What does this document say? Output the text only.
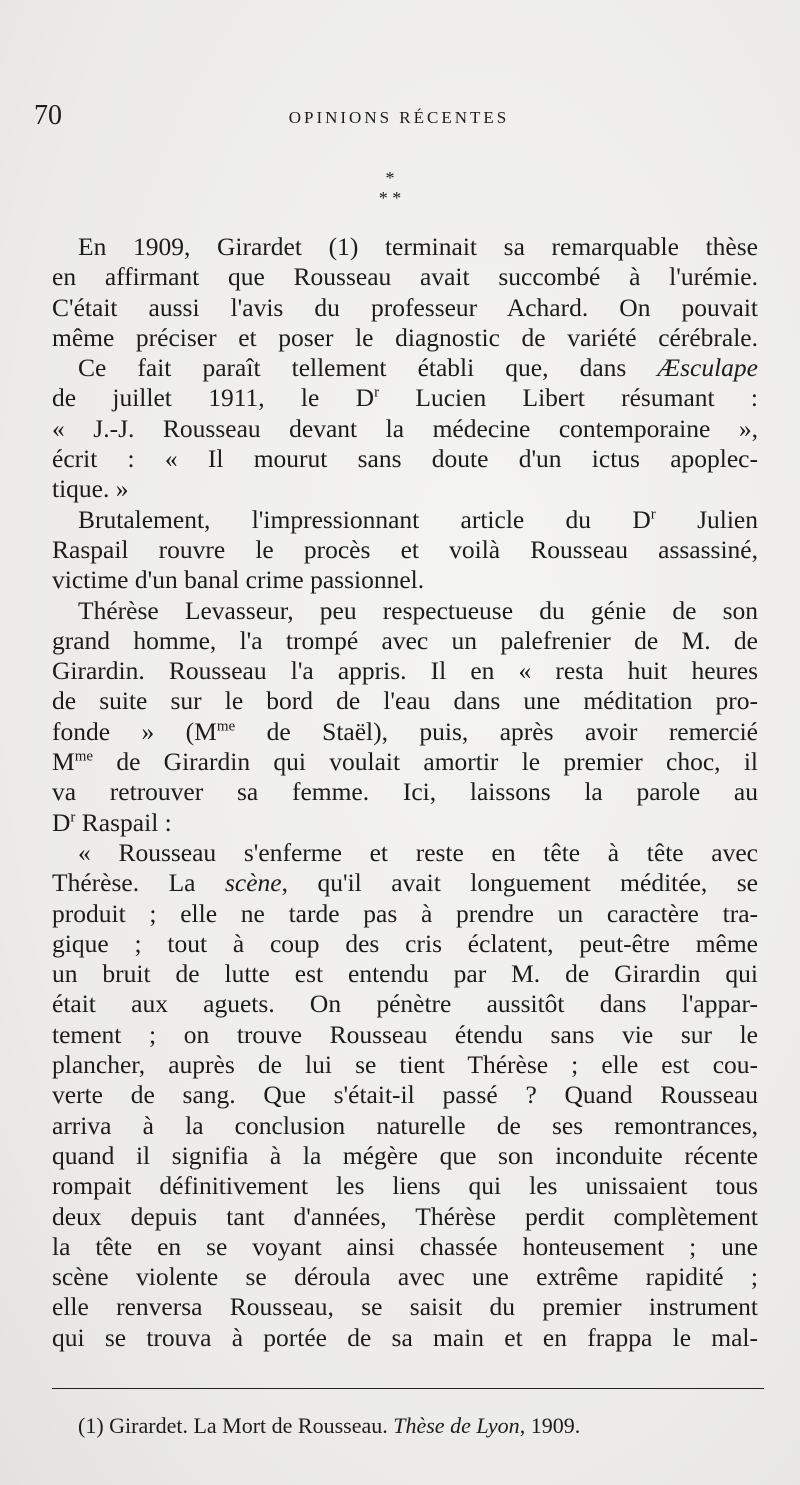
70	OPINIONS RÉCENTES
*
* *
En 1909, Girardet (1) terminait sa remarquable thèse
en affirmant que Rousseau avait succombé à l'urémie.
C'était aussi l'avis du professeur Achard. On pouvait
même préciser et poser le diagnostic de variété cérébrale.
Ce fait paraît tellement établi que, dans Æsculape
de juillet 1911, le $D^r$ Lucien Libert résumant :
« J.-J. Rousseau devant la médecine contemporaine »,
écrit : « Il mourut sans doute d'un ictus apoplec-
tique. »
Brutalement, l'impressionnant article du $D^r$ Julien
Raspail rouvre le procès et voilà Rousseau assassiné,
victime d'un banal crime passionnel.
Thérèse Levasseur, peu respectueuse du génie de son
grand homme, l'a trompé avec un palefrenier de M. de
Girardin. Rousseau l'a appris. Il en « resta huit heures
de suite sur le bord de l'eau dans une méditation pro-
fonde » ($M^{me}$ de Staël), puis, après avoir remercié
$M^{me}$ de Girardin qui voulait amortir le premier choc, il
va retrouver sa femme. Ici, laissons la parole au
$D^r$ Raspail :
« Rousseau s'enferme et reste en tête à tête avec
Thérèse. La scène, qu'il avait longuement méditée, se
produit ; elle ne tarde pas à prendre un caractère tra-
gique ; tout à coup des cris éclatent, peut-être même
un bruit de lutte est entendu par M. de Girardin qui
était aux aguets. On pénètre aussitôt dans l'appar-
tement ; on trouve Rousseau étendu sans vie sur le
plancher, auprès de lui se tient Thérèse ; elle est cou-
verte de sang. Que s'était-il passé ? Quand Rousseau
arriva à la conclusion naturelle de ses remontrances,
quand il signifia à la mégère que son inconduite récente
rompait définitivement les liens qui les unissaient tous
deux depuis tant d'années, Thérèse perdit complètement
la tête en se voyant ainsi chassée honteusement ; une
scène violente se déroula avec une extrême rapidité ;
elle renversa Rousseau, se saisit du premier instrument
qui se trouva à portée de sa main et en frappa le mal-
(1) Girardet. La Mort de Rousseau. Thèse de Lyon, 1909.
